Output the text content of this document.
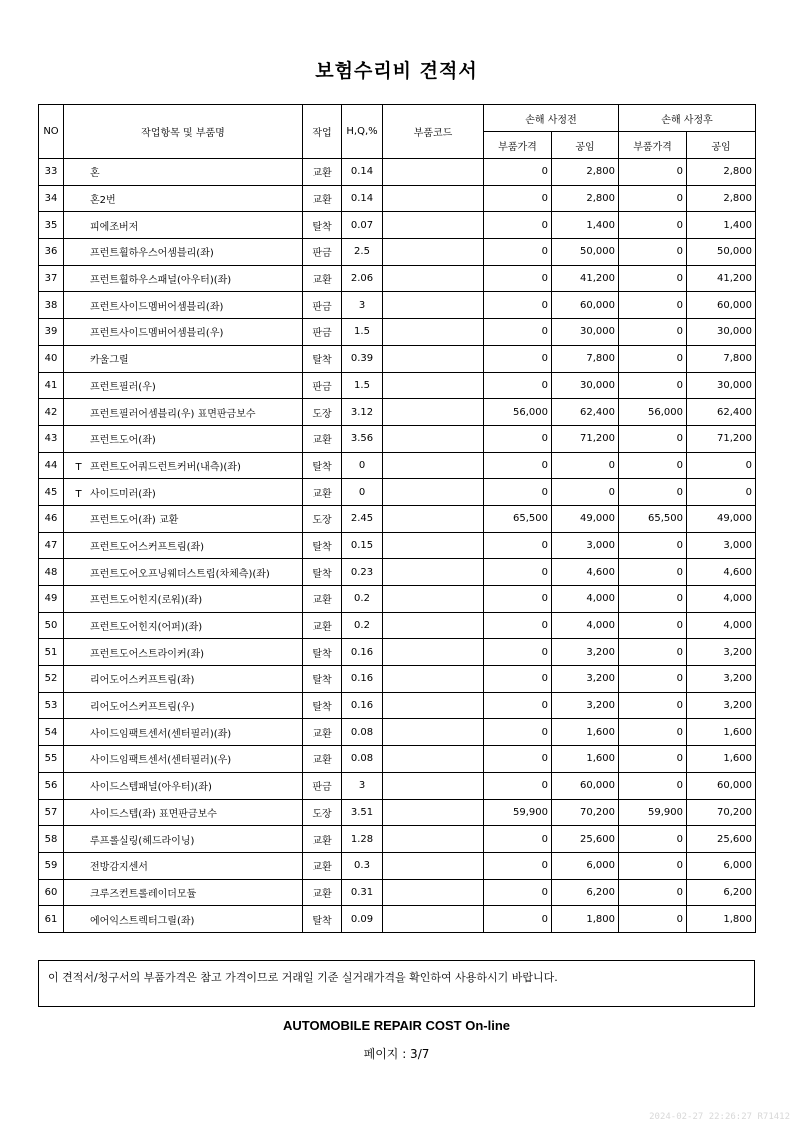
보험수리비 견적서
NO	작업항목 및 부품명	작업	H,Q,%	부품코드	손해 사정전		손해 사정후	
					부품가격	공임	부품가격	공임
33	혼	교환	0.14		0	2,800	0	2,800
34	혼2번	교환	0.14		0	2,800	0	2,800
35	피에조버저	탈착	0.07		0	1,400	0	1,400
36	프런트휠하우스어셈블리(좌)	판금	2.5		0	50,000	0	50,000
37	프런트휠하우스패널(아우터)(좌)	교환	2.06		0	41,200	0	41,200
38	프런트사이드멤버어셈블리(좌)	판금	3		0	60,000	0	60,000
39	프런트사이드멤버어셈블리(우)	판금	1.5		0	30,000	0	30,000
40	카울그릴	탈착	0.39		0	7,800	0	7,800
41	프런트필러(우)	판금	1.5		0	30,000	0	30,000
42	프런트필러어셈블리(우) 표면판금보수	도장	3.12		56,000	62,400	56,000	62,400
43	프런트도어(좌)	교환	3.56		0	71,200	0	71,200
44	T 프런트도어쿼드런트커버(내측)(좌)	탈착	0		0	0	0	0
45	T 사이드미러(좌)	교환	0		0	0	0	0
46	프런트도어(좌) 교환	도장	2.45		65,500	49,000	65,500	49,000
47	프런트도어스커프트림(좌)	탈착	0.15		0	3,000	0	3,000
48	프런트도어오프닝웨더스트립(차체측)(좌)	탈착	0.23		0	4,600	0	4,600
49	프런트도어힌지(로워)(좌)	교환	0.2		0	4,000	0	4,000
50	프런트도어힌지(어퍼)(좌)	교환	0.2		0	4,000	0	4,000
51	프런트도어스트라이커(좌)	탈착	0.16		0	3,200	0	3,200
52	리어도어스커프트림(좌)	탈착	0.16		0	3,200	0	3,200
53	리어도어스커프트림(우)	탈착	0.16		0	3,200	0	3,200
54	사이드임팩트센서(센터필러)(좌)	교환	0.08		0	1,600	0	1,600
55	사이드임팩트센서(센터필러)(우)	교환	0.08		0	1,600	0	1,600
56	사이드스텝패널(아우터)(좌)	판금	3		0	60,000	0	60,000
57	사이드스텝(좌) 표면판금보수	도장	3.51		59,900	70,200	59,900	70,200
58	루프롤실링(헤드라이닝)	교환	1.28		0	25,600	0	25,600
59	전방감지센서	교환	0.3		0	6,000	0	6,000
60	크루즈컨트롤레이더모듈	교환	0.31		0	6,200	0	6,200
61	에어익스트렉터그릴(좌)	탈착	0.09		0	1,800	0	1,800
이 견적서/청구서의 부품가격은 참고 가격이므로 거래일 기준 실거래가격을 확인하여 사용하시기 바랍니다.
AUTOMOBILE REPAIR COST On-line
페이지 : 3/7
2024-02-27 22:26:27 R71412
